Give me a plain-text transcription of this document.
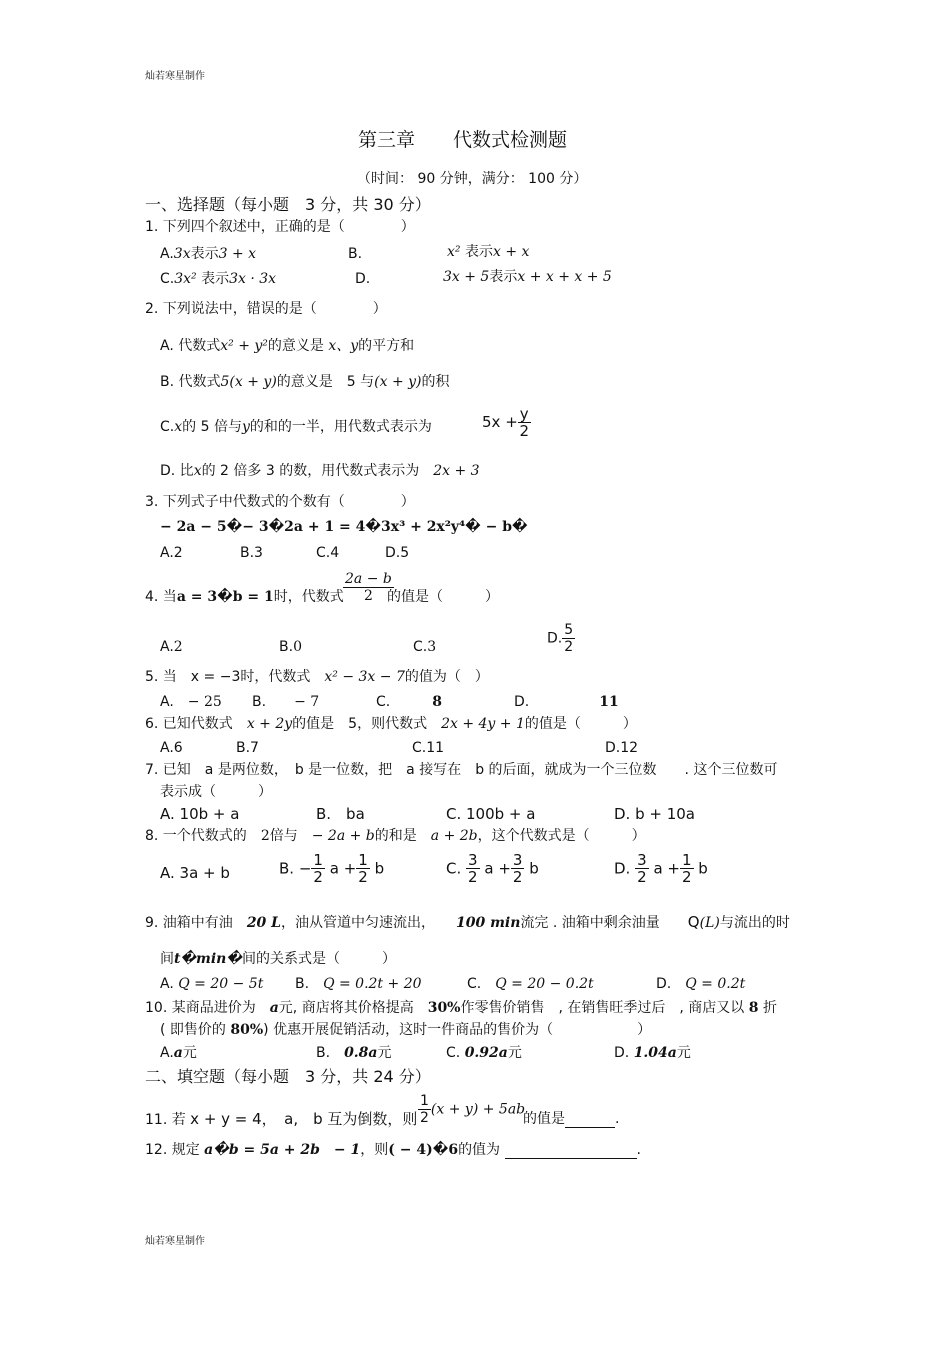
灿若寒星制作
灿若寒星制作
第三章　　代数式检测题
（时间： 90 分钟，满分： 100 分）
一、选择题（每小题　3 分，共 30 分）
1. 下列四个叙述中，正确的是（　　　　）
A.3x表示3 + x	B.	x² 表示x + x
C.3x² 表示3x · 3x	D.	3x + 5表示x + x + x + 5
2. 下列说法中，错误的是（　　　　）
A. 代数式x² + y²的意义是 x、y的平方和
B. 代数式5(x + y)的意义是　5 与(x + y)的积
C.x的 5 倍与y的和的一半，用代数式表示为	$5x + \frac{y}{2}$
D. 比x的 2 倍多 3 的数，用代数式表示为　 2x + 3
3. 下列式子中代数式的个数有（　　　　）
− 2a − 5�− 3�2a + 1 = 4�3x³ + 2x²y⁴� − b�
A.2	B.3	C.4	D.5
4. 当a = 3�b = 1时，代数式 $\frac{2a - b}{2}$
的值是（　　　）
A.2	B.0	C.3
D. $\frac{5}{2}$
5. 当　x = −3时，代数式　 x² − 3x − 7的值为（　）
A.　 − 25 B.　　 − 7	C.　　　	8	D.　　　　　	11
6. 已知代数式　 x + 2y的值是　5，则代数式　 2x + 4y + 1的值是（　　　）
A.6	B.7	C.11	D.12
7. 已知　a 是两位数，　b 是一位数，把　a 接写在　b 的后面，就成为一个三位数　　. 这个三位数可
表示成（　　　）
A. 10b + a	B.　ba	C. 100b + a	D. b + 10a
8. 一个代数式的　 2倍与　 − 2a + b的和是　 a + 2b，这个代数式是（　　　）
A. 3a + b	B. − $\frac{1}{2}$ $a + \frac{1}{2}$ b	C. $\frac{3}{2}$ $a + \frac{3}{2}$ b	D. $\frac{3}{2}$ $a + \frac{1}{2}$ b
9. 油箱中有油　 20 L，油从管道中匀速流出，　　 100 min流完 . 油箱中剩余油量　　 Q(L)与流出的时
间t�min�间的关系式是（　　　）
A. Q = 20 − 5t B.　 Q = 0.2t + 20	C.　 Q = 20 − 0.2t	D.　 Q = 0.2t
10. 某商品进价为　 a元, 商店将其价格提高　 30%作零售价销售　, 在销售旺季过后　, 商店又以 8 折
( 即售价的 80%) 优惠开展促销活动，这时一件商品的售价为（　　　　　　）
A.a元	B.　 0.8a元	C. 0.92a元	D. 1.04a元
二、填空题（每小题　3 分，共 24 分）
11. 若 x + y = 4，　a,　b 互为倒数，则 $\frac{1}{2} (x + y) + 5ab$
的值是	.
12. 规定 a�b = 5a + 2b　− 1，则( − 4)�6的值为	.
